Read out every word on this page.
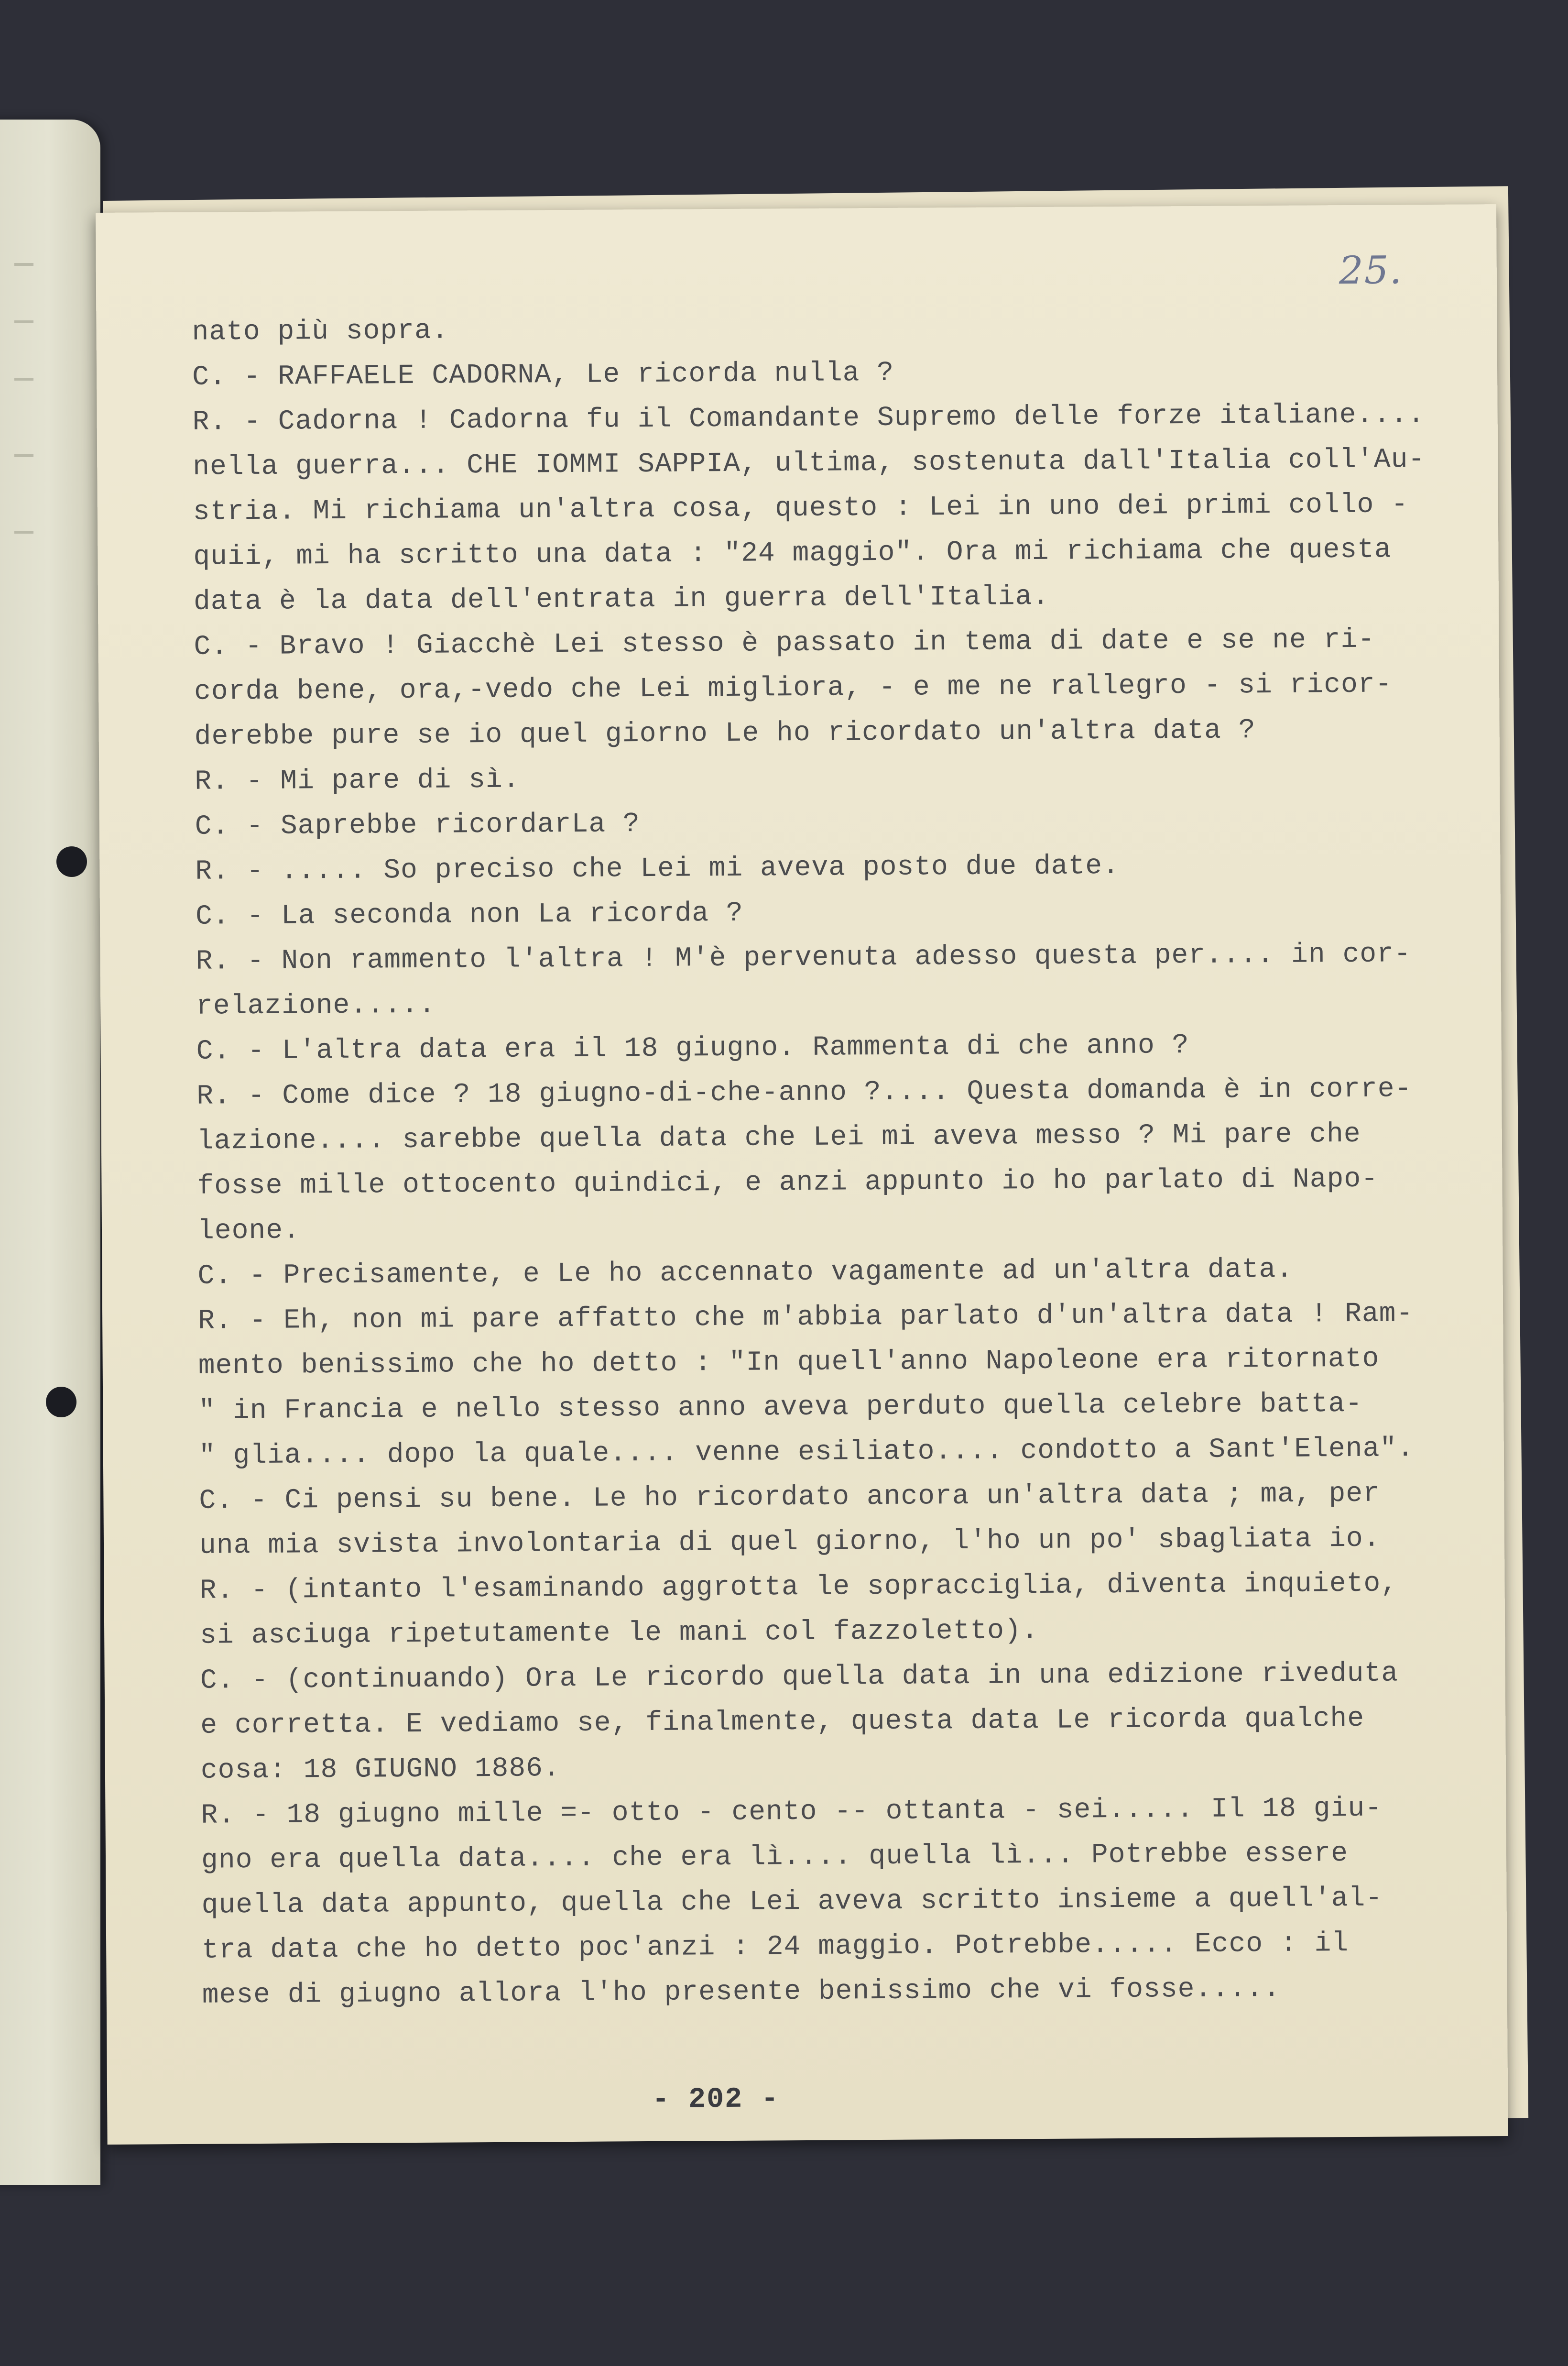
25.
nato più sopra.
C. - RAFFAELE CADORNA, Le ricorda nulla ?
R. - Cadorna ! Cadorna fu il Comandante Supremo delle forze italiane....
nella guerra... CHE IOMMI SAPPIA, ultima, sostenuta dall'Italia coll'Au-
stria. Mi richiama un'altra cosa, questo : Lei in uno dei primi collo -
quii, mi ha scritto una data : "24 maggio". Ora mi richiama che questa
data è la data dell'entrata in guerra dell'Italia.
C. - Bravo ! Giacchè Lei stesso è passato in tema di date e se ne ri-
corda bene, ora,-vedo che Lei migliora, - e me ne rallegro - si ricor-
derebbe pure se io quel giorno Le ho ricordato un'altra data ?
R. - Mi pare di sì.
C. - Saprebbe ricordarLa ?
R. - ..... So preciso che Lei mi aveva posto due date.
C. - La seconda non La ricorda ?
R. - Non rammento l'altra ! M'è pervenuta adesso questa per.... in cor-
relazione.....
C. - L'altra data era il 18 giugno. Rammenta di che anno ?
R. - Come dice ? 18 giugno-di-che-anno ?.... Questa domanda è in corre-
lazione.... sarebbe quella data che Lei mi aveva messo ? Mi pare che
fosse mille ottocento quindici, e anzi appunto io ho parlato di Napo-
leone.
C. - Precisamente, e Le ho accennato vagamente ad un'altra data.
R. - Eh, non mi pare affatto che m'abbia parlato d'un'altra data ! Ram-
mento benissimo che ho detto : "In quell'anno Napoleone era ritornato
" in Francia e nello stesso anno aveva perduto quella celebre batta-
" glia.... dopo la quale.... venne esiliato.... condotto a Sant'Elena".
C. - Ci pensi su bene. Le ho ricordato ancora un'altra data ; ma, per
una mia svista involontaria di quel giorno, l'ho un po' sbagliata io.
R. - (intanto l'esaminando aggrotta le sopracciglia, diventa inquieto,
si asciuga ripetutamente le mani col fazzoletto).
C. - (continuando) Ora Le ricordo quella data in una edizione riveduta
e corretta. E vediamo se, finalmente, questa data Le ricorda qualche
cosa: 18 GIUGNO 1886.
R. - 18 giugno mille =- otto - cento -- ottanta - sei..... Il 18 giu-
gno era quella data.... che era lì.... quella lì... Potrebbe essere
quella data appunto, quella che Lei aveva scritto insieme a quell'al-
tra data che ho detto poc'anzi : 24 maggio. Potrebbe..... Ecco : il
mese di giugno allora l'ho presente benissimo che vi fosse.....
- 202 -
